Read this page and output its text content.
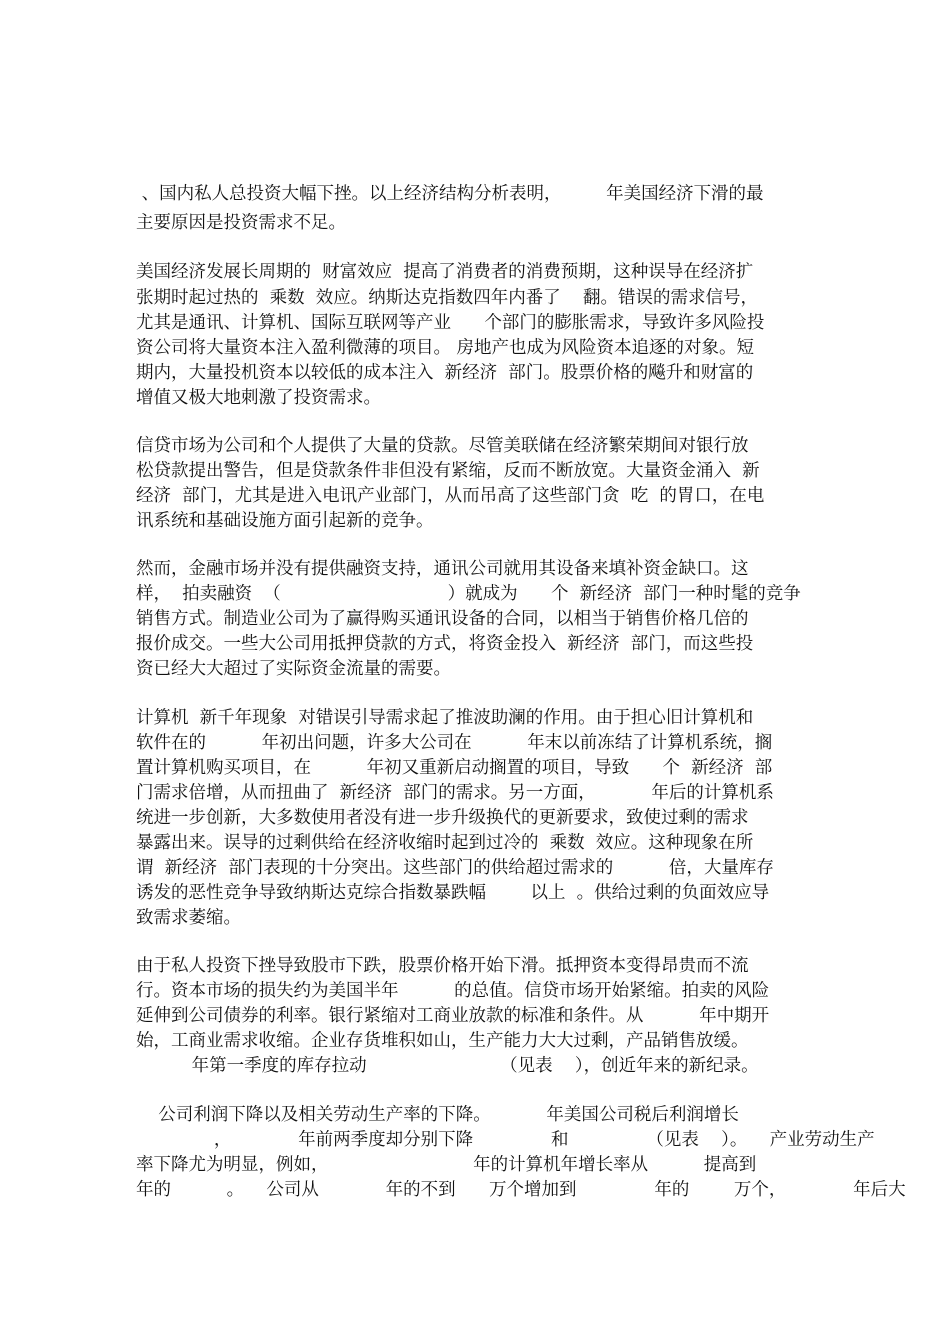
、国内私人总投资大幅下挫。以上经济结构分析表明，        年美国经济下滑的最
主要原因是投资需求不足。
美国经济发展长周期的  财富效应  提高了消费者的消费预期，这种误导在经济扩
张期时起过热的  乘数  效应。纳斯达克指数四年内番了    翻。错误的需求信号，
尤其是通讯、计算机、国际互联网等产业      个部门的膨胀需求，导致许多风险投
资公司将大量资本注入盈利微薄的项目。 房地产也成为风险资本追逐的对象。短
期内，大量投机资本以较低的成本注入  新经济  部门。股票价格的飚升和财富的
增值又极大地刺激了投资需求。
信贷市场为公司和个人提供了大量的贷款。尽管美联储在经济繁荣期间对银行放
松贷款提出警告，但是贷款条件非但没有紧缩，反而不断放宽。大量资金涌入  新
经济  部门，尤其是进入电讯产业部门，从而吊高了这些部门贪  吃  的胃口，在电
讯系统和基础设施方面引起新的竞争。
然而，金融市场并没有提供融资支持，通讯公司就用其设备来填补资金缺口。这
样，  拍卖融资  （                              ）就成为      个  新经济  部门一种时髦的竞争
销售方式。制造业公司为了赢得购买通讯设备的合同，以相当于销售价格几倍的
报价成交。一些大公司用抵押贷款的方式，将资金投入  新经济  部门，而这些投
资已经大大超过了实际资金流量的需要。
计算机  新千年现象  对错误引导需求起了推波助澜的作用。由于担心旧计算机和
软件在的          年初出问题，许多大公司在          年末以前冻结了计算机系统，搁
置计算机购买项目，在          年初又重新启动搁置的项目，导致      个  新经济  部
门需求倍增，从而扭曲了  新经济  部门的需求。另一方面，          年后的计算机系
统进一步创新，大多数使用者没有进一步升级换代的更新要求，致使过剩的需求
暴露出来。误导的过剩供给在经济收缩时起到过冷的  乘数  效应。这种现象在所
谓  新经济  部门表现的十分突出。这些部门的供给超过需求的          倍，大量库存
诱发的恶性竞争导致纳斯达克综合指数暴跌幅        以上  。供给过剩的负面效应导
致需求萎缩。
由于私人投资下挫导致股市下跌，股票价格开始下滑。抵押资本变得昂贵而不流
行。资本市场的损失约为美国半年          的总值。信贷市场开始紧缩。拍卖的风险
延伸到公司债券的利率。银行紧缩对工商业放款的标准和条件。从          年中期开
始，工商业需求收缩。企业存货堆积如山，生产能力大大过剩，产品销售放缓。
年第一季度的库存拉动                        （见表    ），创近年来的新纪录。
公司利润下降以及相关劳动生产率的下降。          年美国公司税后利润增长
，            年前两季度却分别下降              和              （见表    ）。    产业劳动生产
率下降尤为明显，例如，                          年的计算机年增长率从          提高到
年的          。    公司从            年的不到      万个增加到              年的        万个，            年后大
